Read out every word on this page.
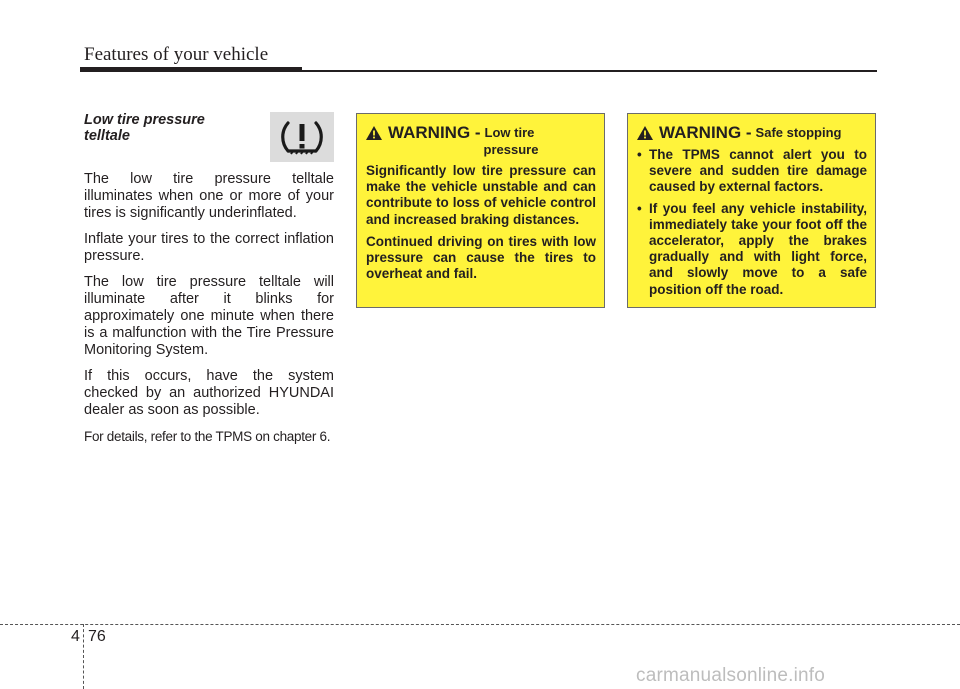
Features of your vehicle
Low tire pressure telltale

The low tire pressure telltale illuminates when one or more of your tires is significantly underinflated.

Inflate your tires to the correct inflation pressure.

The low tire pressure telltale will illuminate after it blinks for approximately one minute when there is a malfunction with the Tire Pressure Monitoring System.

If this occurs, have the system checked by an authorized HYUNDAI dealer as soon as possible.

For details, refer to the TPMS on chapter 6.

WARNING - Low tire
pressure

Significantly low tire pressure can make the vehicle unstable and can contribute to loss of vehicle control and increased braking distances.

Continued driving on tires with low pressure can cause the tires to overheat and fail.

WARNING - Safe stopping
• The TPMS cannot alert you to severe and sudden tire damage caused by external factors.
• If you feel any vehicle instability, immediately take your foot off the accelerator, apply the brakes gradually and with light force, and slowly move to a safe position off the road.
4 76
carmanualsonline.info
